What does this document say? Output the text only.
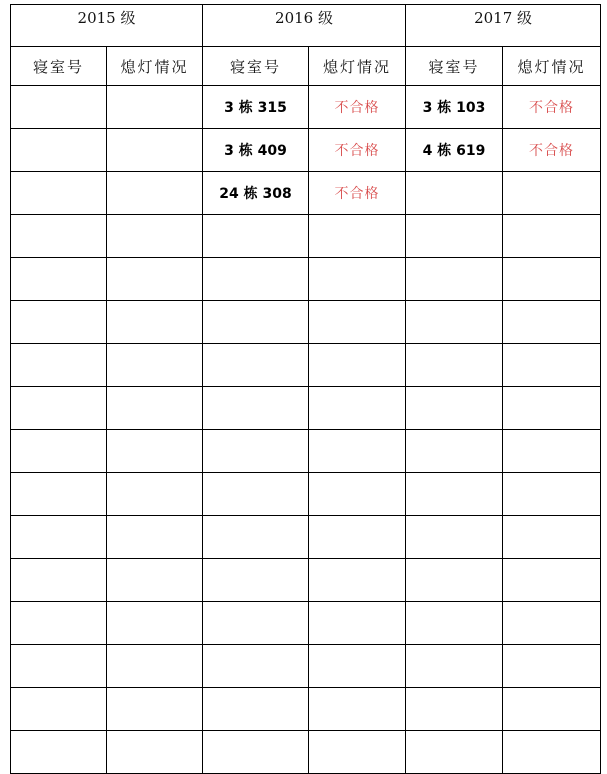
2015 级		2016 级		2017 级	
寝室号	熄灯情况	寝室号	熄灯情况	寝室号	熄灯情况
		3 栋 315	不合格	3 栋 103	不合格
		3 栋 409	不合格	4 栋 619	不合格
		24 栋 308	不合格		
